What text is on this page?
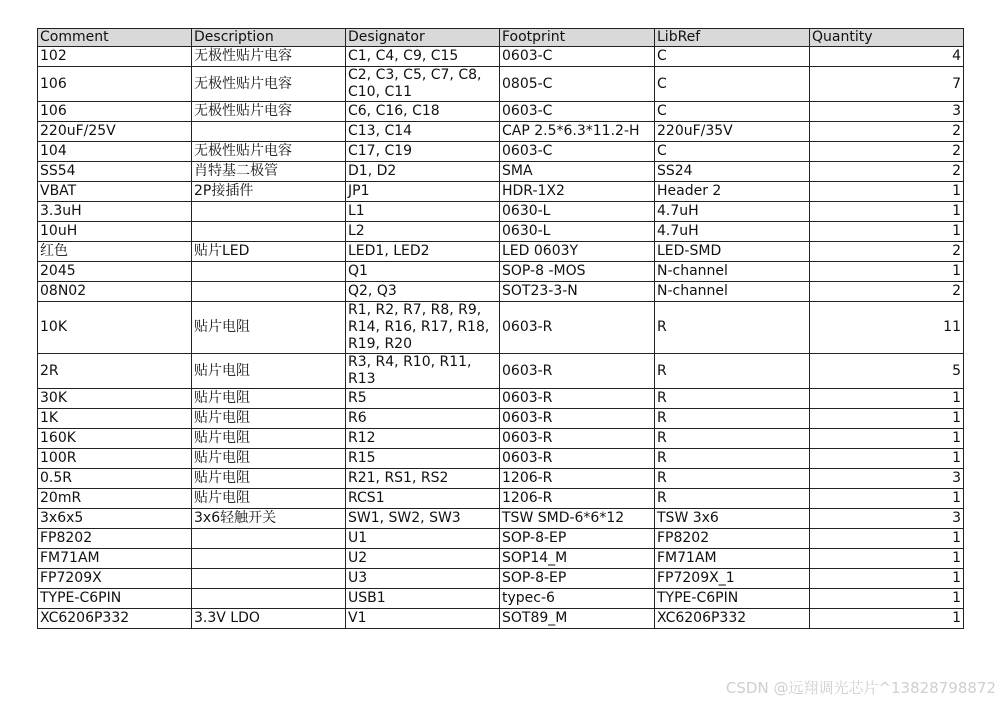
Comment	Description	Designator	Footprint	LibRef	Quantity
102	无极性贴片电容	C1, C4, C9, C15	0603-C	C	4
106	无极性贴片电容	C2, C3, C5, C7, C8, C10, C11	0805-C	C	7
106	无极性贴片电容	C6, C16, C18	0603-C	C	3
220uF/25V		C13, C14	CAP 2.5*6.3*11.2-H	220uF/35V	2
104	无极性贴片电容	C17, C19	0603-C	C	2
SS54	肖特基二极管	D1, D2	SMA	SS24	2
VBAT	2P接插件	JP1	HDR-1X2	Header 2	1
3.3uH		L1	0630-L	4.7uH	1
10uH		L2	0630-L	4.7uH	1
红色	贴片LED	LED1, LED2	LED 0603Y	LED-SMD	2
2045		Q1	SOP-8 -MOS	N-channel	1
08N02		Q2, Q3	SOT23-3-N	N-channel	2
10K	贴片电阻	R1, R2, R7, R8, R9, R14, R16, R17, R18, R19, R20	0603-R	R	11
2R	贴片电阻	R3, R4, R10, R11, R13	0603-R	R	5
30K	贴片电阻	R5	0603-R	R	1
1K	贴片电阻	R6	0603-R	R	1
160K	贴片电阻	R12	0603-R	R	1
100R	贴片电阻	R15	0603-R	R	1
0.5R	贴片电阻	R21, RS1, RS2	1206-R	R	3
20mR	贴片电阻	RCS1	1206-R	R	1
3x6x5	3x6轻触开关	SW1, SW2, SW3	TSW SMD-6*6*12	TSW 3x6	3
FP8202		U1	SOP-8-EP	FP8202	1
FM71AM		U2	SOP14_M	FM71AM	1
FP7209X		U3	SOP-8-EP	FP7209X_1	1
TYPE-C6PIN		USB1	typec-6	TYPE-C6PIN	1
XC6206P332	3.3V LDO	V1	SOT89_M	XC6206P332	1
CSDN @远翔调光芯片^13828798872
